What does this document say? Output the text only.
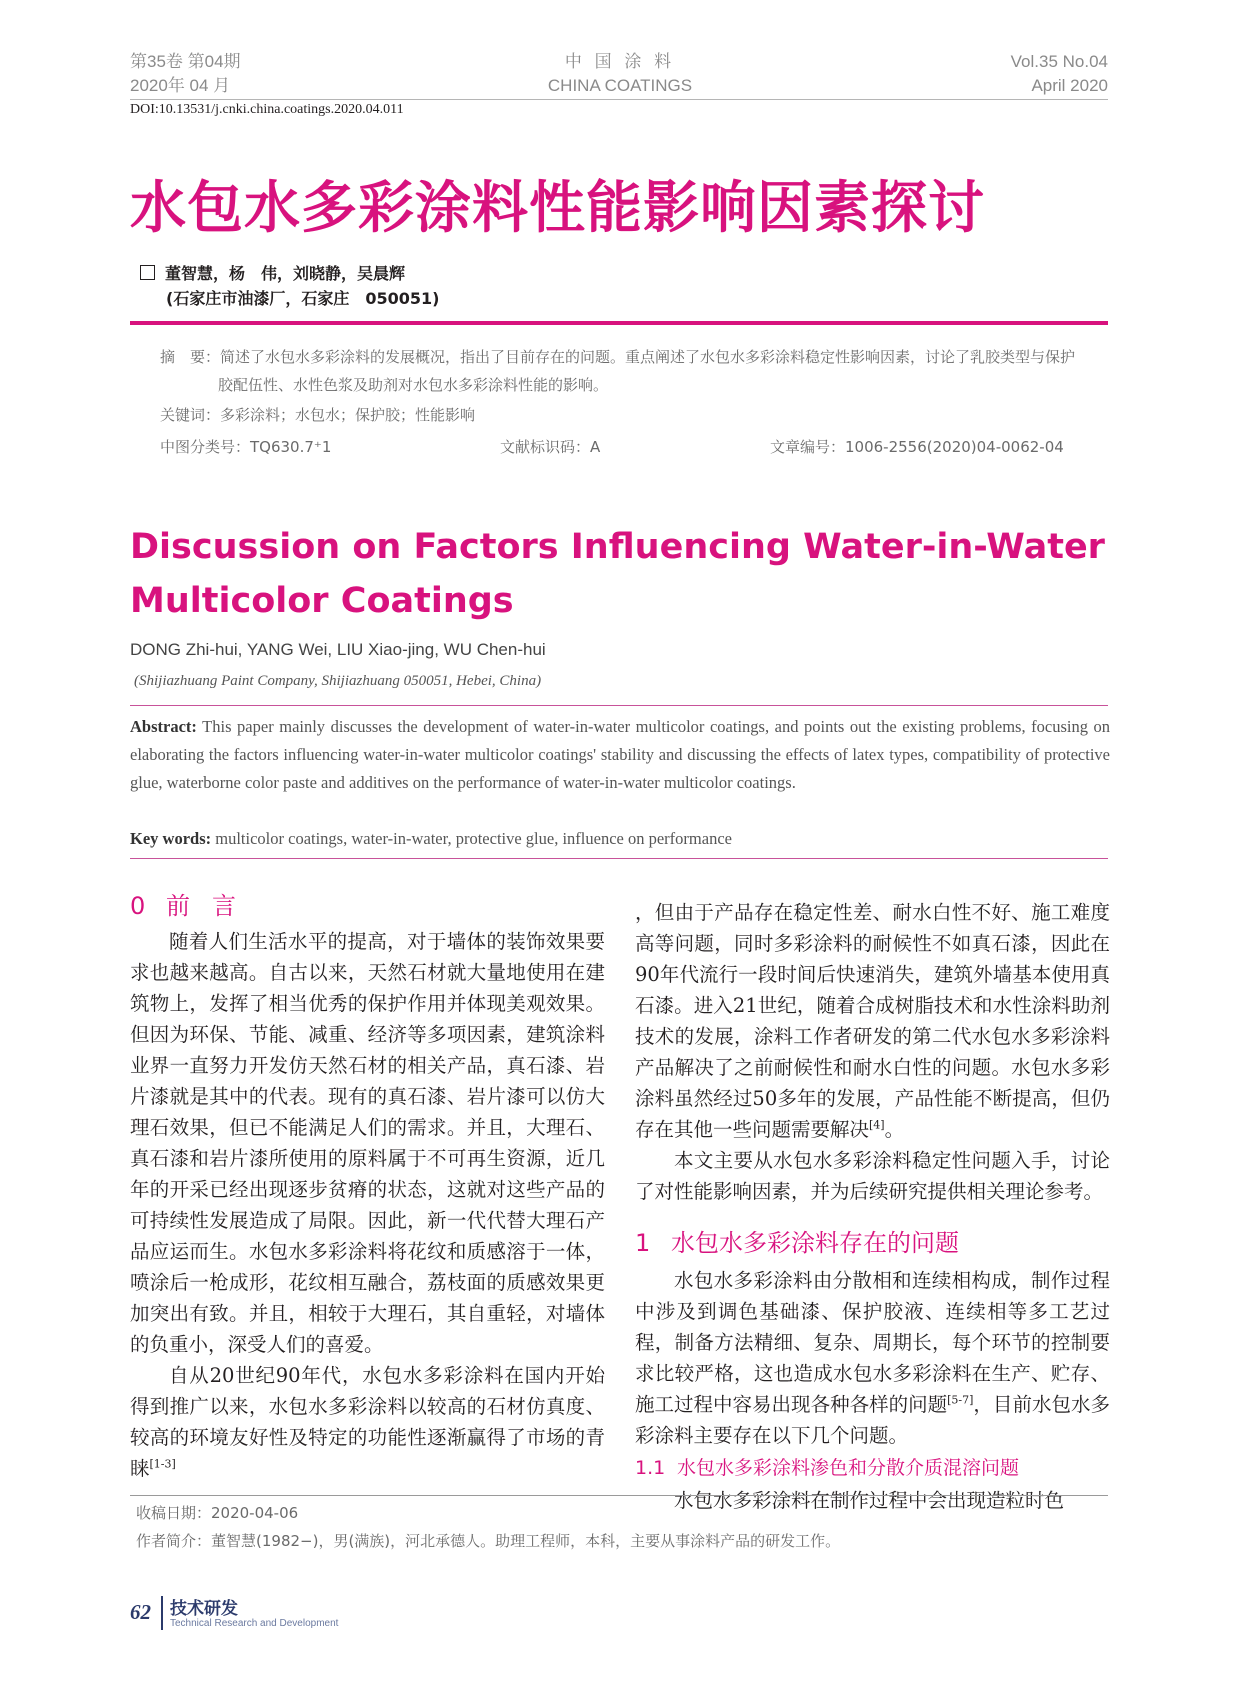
第35卷 第04期
2020年 04 月
中 国 涂 料
CHINA COATINGS
Vol.35 No.04
April 2020
DOI:10.13531/j.cnki.china.coatings.2020.04.011
水包水多彩涂料性能影响因素探讨
董智慧，杨　伟，刘晓静，吴晨辉
(石家庄市油漆厂，石家庄　050051)
摘　要：简述了水包水多彩涂料的发展概况，指出了目前存在的问题。重点阐述了水包水多彩涂料稳定性影响因素，讨论了乳胶类型与保护胶配伍性、水性色浆及助剂对水包水多彩涂料性能的影响。
关键词：多彩涂料；水包水；保护胶；性能影响
中图分类号：TQ630.7⁺1	文献标识码：A	文章编号：1006-2556(2020)04-0062-04
Discussion on Factors Influencing Water-in-Water Multicolor Coatings
DONG Zhi-hui, YANG Wei, LIU Xiao-jing, WU Chen-hui
(Shijiazhuang Paint Company, Shijiazhuang 050051, Hebei, China)
Abstract: This paper mainly discusses the development of water-in-water multicolor coatings, and points out the existing problems, focusing on elaborating the factors influencing water-in-water multicolor coatings' stability and discussing the effects of latex types, compatibility of protective glue, waterborne color paste and additives on the performance of water-in-water multicolor coatings.
Key words: multicolor coatings, water-in-water, protective glue, influence on performance
0 前言

随着人们生活水平的提高，对于墙体的装饰效果要求也越来越高。自古以来，天然石材就大量地使用在建筑物上，发挥了相当优秀的保护作用并体现美观效果。但因为环保、节能、减重、经济等多项因素，建筑涂料业界一直努力开发仿天然石材的相关产品，真石漆、岩片漆就是其中的代表。现有的真石漆、岩片漆可以仿大理石效果，但已不能满足人们的需求。并且，大理石、真石漆和岩片漆所使用的原料属于不可再生资源，近几年的开采已经出现逐步贫瘠的状态，这就对这些产品的可持续性发展造成了局限。因此，新一代代替大理石产品应运而生。水包水多彩涂料将花纹和质感溶于一体，喷涂后一枪成形，花纹相互融合，荔枝面的质感效果更加突出有致。并且，相较于大理石，其自重轻，对墙体的负重小，深受人们的喜爱。

自从20世纪90年代，水包水多彩涂料在国内开始得到推广以来，水包水多彩涂料以较高的石材仿真度、较高的环境友好性及特定的功能性逐渐赢得了市场的青睐[1-3]

，但由于产品存在稳定性差、耐水白性不好、施工难度高等问题，同时多彩涂料的耐候性不如真石漆，因此在90年代流行一段时间后快速消失，建筑外墙基本使用真石漆。进入21世纪，随着合成树脂技术和水性涂料助剂技术的发展，涂料工作者研发的第二代水包水多彩涂料产品解决了之前耐候性和耐水白性的问题。水包水多彩涂料虽然经过50多年的发展，产品性能不断提高，但仍存在其他一些问题需要解决[4]。

本文主要从水包水多彩涂料稳定性问题入手，讨论了对性能影响因素，并为后续研究提供相关理论参考。

1 水包水多彩涂料存在的问题

水包水多彩涂料由分散相和连续相构成，制作过程中涉及到调色基础漆、保护胶液、连续相等多工艺过程，制备方法精细、复杂、周期长，每个环节的控制要求比较严格，这也造成水包水多彩涂料在生产、贮存、施工过程中容易出现各种各样的问题[5-7]，目前水包水多彩涂料主要存在以下几个问题。

1.1 水包水多彩涂料渗色和分散介质混溶问题

水包水多彩涂料在制作过程中会出现造粒时色

收稿日期：2020-04-06
作者简介：董智慧(1982−)，男(满族)，河北承德人。助理工程师，本科，主要从事涂料产品的研发工作。
62 技术研发
Technical Research and Development
